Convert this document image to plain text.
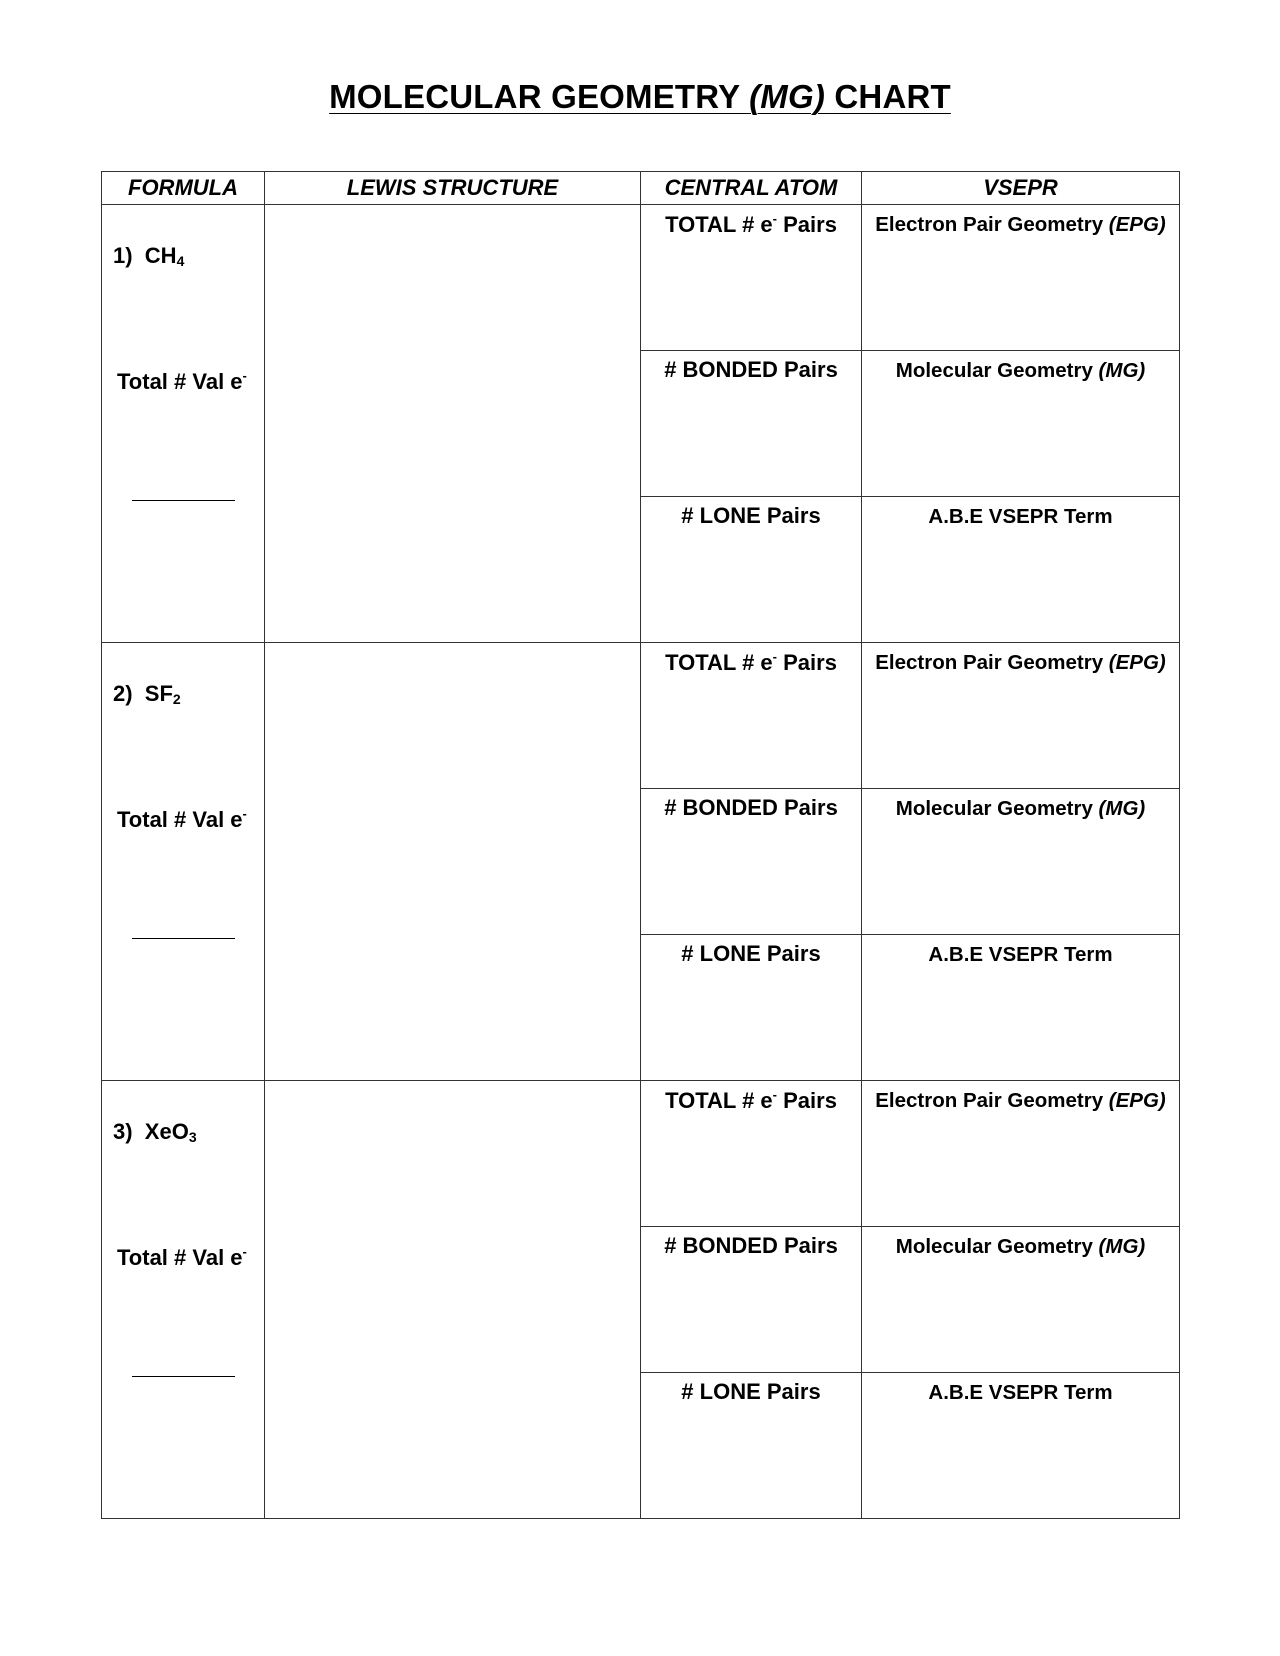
MOLECULAR GEOMETRY (MG) CHART
FORMULA	LEWIS STRUCTURE	CENTRAL ATOM	VSEPR

1) $CH_4$
Total # Val e-		TOTAL # e- Pairs	Electron Pair Geometry (EPG)
		# BONDED Pairs	Molecular Geometry (MG)
		# LONE Pairs	A.B.E VSEPR Term

2) $SF_2$
Total # Val e-		TOTAL # e- Pairs	Electron Pair Geometry (EPG)
		# BONDED Pairs	Molecular Geometry (MG)
		# LONE Pairs	A.B.E VSEPR Term

3) XeO$_3$
Total # Val e-		TOTAL # e- Pairs	Electron Pair Geometry (EPG)
		# BONDED Pairs	Molecular Geometry (MG)
		# LONE Pairs	A.B.E VSEPR Term
